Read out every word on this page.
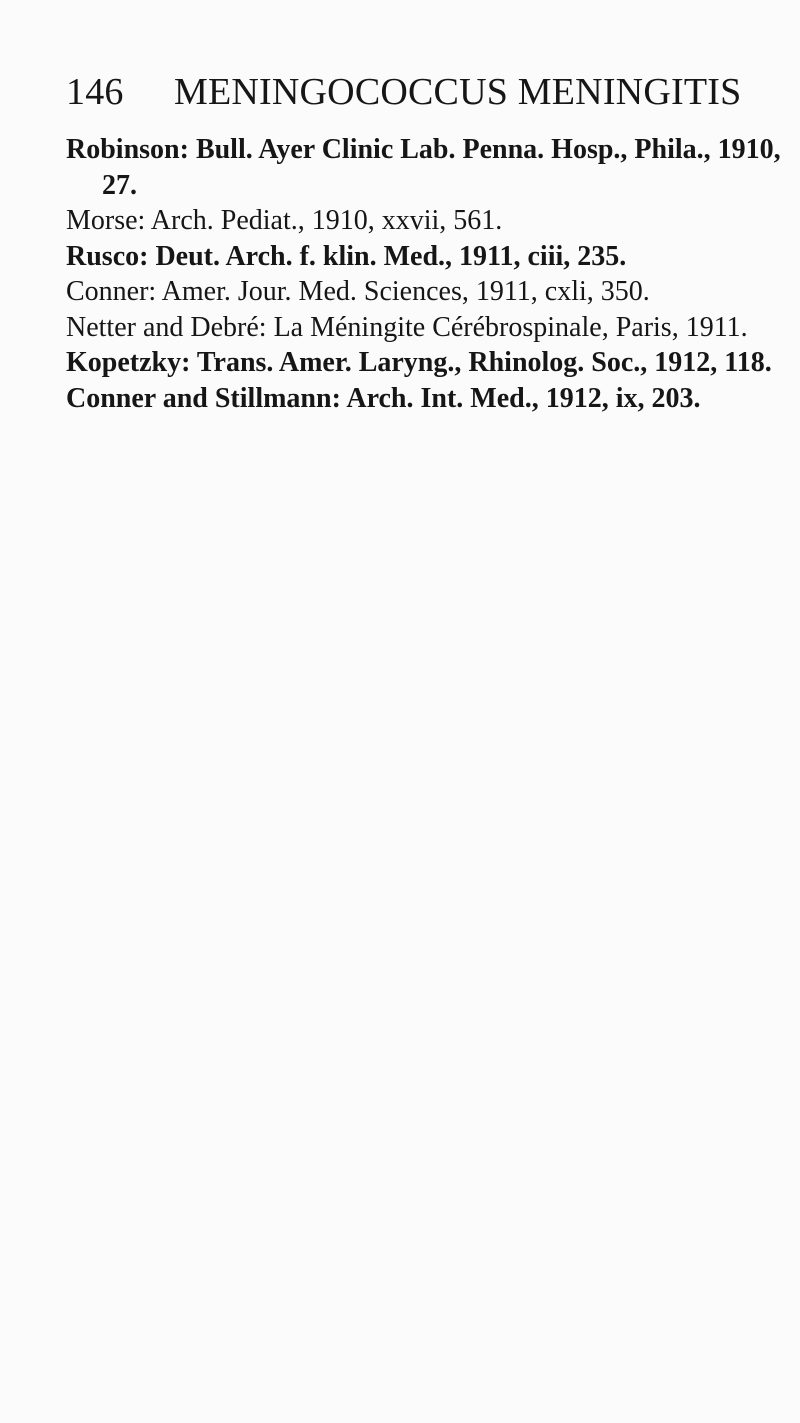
146	MENINGOCOCCUS MENINGITIS

Robinson: Bull. Ayer Clinic Lab. Penna. Hosp., Phila., 1910, 27.

Morse: Arch. Pediat., 1910, xxvii, 561.

Rusco: Deut. Arch. f. klin. Med., 1911, ciii, 235.

Conner: Amer. Jour. Med. Sciences, 1911, cxli, 350.

Netter and Debré: La Méningite Cérébrospinale, Paris, 1911.

Kopetzky: Trans. Amer. Laryng., Rhinolog. Soc., 1912, 118.

Conner and Stillmann: Arch. Int. Med., 1912, ix, 203.
